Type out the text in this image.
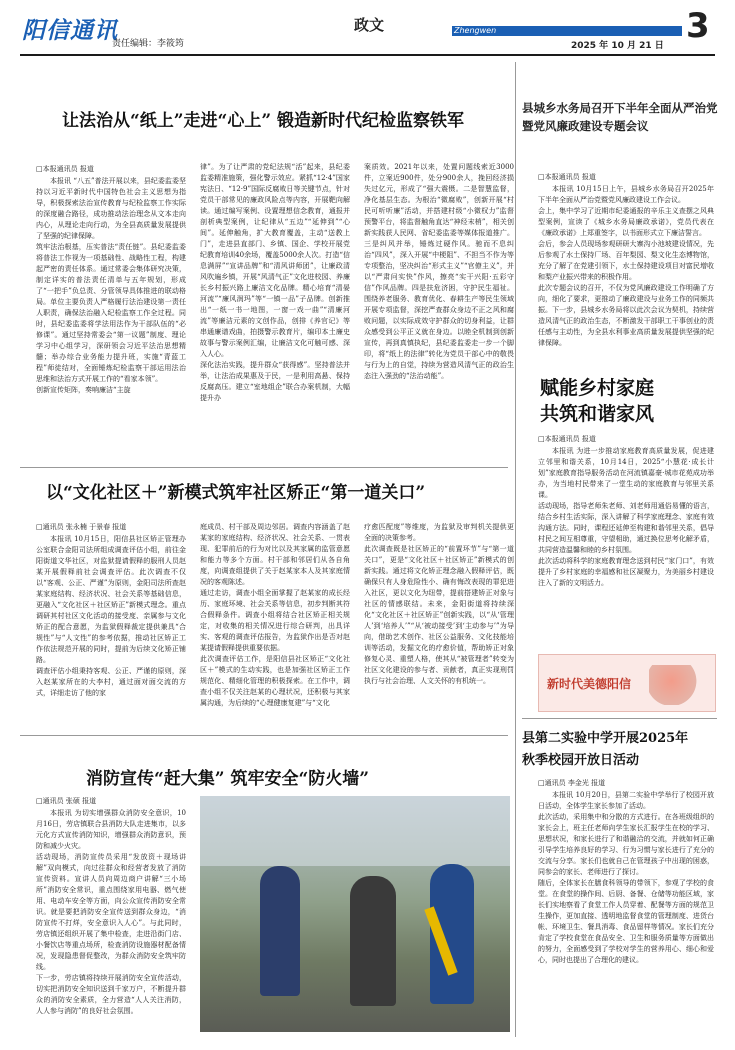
阳信通讯
责任编辑：李筱筠
政文	Zhengwen
2025 年 10 月 21 日 3
让法治从“纸上”走进“心上” 锻造新时代纪检监察铁军

□本报通讯员 报道

本报讯 “八五”普法开展以来，县纪委监委坚持以习近平新时代中国特色社会主义思想为指导，积极探索法治宣传教育与纪检监察工作实际的深度融合路径，成功推动法治理念从文本走向内心，从理论走向行动，为全县高质量发展提供了坚强的纪律保障。
筑牢法治根基，压实普法“责任链”。县纪委监委将普法工作视为一项基础性、战略性工程，构建起严密的责任体系。通过常委会集体研究决策，制定详实的普法责任清单与五年规划，形成了“一把手”负总责、分管领导具体推进的联动格局。单位主要负责人严格履行法治建设第一责任人职责，确保法治融入纪检监察工作全过程。同时，县纪委监委将学法用法作为干部队伍的“必修课”。通过坚持常委会“第一议题”制度、理论学习中心组学习，深研领会习近平法治思想精髓；举办综合业务能力提升班，实施“青蓝工程”师徒结对，全面锤炼纪检监察干部运用法治思维和法治方式开展工作的“看家本领”。
创新宣传矩阵，奏响廉洁“主旋

律”。为了让严肃的党纪法规“活”起来，县纪委监委精准施策，强化警示效应。紧抓“12·4”国家宪法日、“12·9”国际反腐败日等关键节点，针对党员干部常见的廉政风险点等内容，开展靶向解读。通过编写案例、设置理想信念教育，通报并剖析典型案例，让纪律从“五边”“延伸到”“心间”。延伸触角，扩大教育覆盖，主动“送教上门”，走进县直部门、乡镇、国企、学校开展党纪教育培训40余场，覆盖5000余人次。打造“信息满屏”“宣讲品牌”和“清风讲师团”，让廉政清风吹遍乡镇，开展“风清气正”文化进校园、养廉长乡村振兴路上廉洁文化品牌。精心培育“清晏河流”“廉风润玛”等“一镇一品”子品牌。创新推出“一纸一书一地图，一窗一戏一曲”“清廉河流”等廉洁元素的文创作品，创排《养官记》等串通廉谱戏曲，拍摄警示教育片，编印本土廉史故事与警示案例汇编，让廉洁文化可触可感、深入人心。
深化法治实践，提升群众“获得感”。坚持普法并举，让法治成果惠及于民，一是利用高悬、保持反腐高压。建立“室地组企”联合办案机制，大幅提升办

案质效。2021年以来，处置问题线索近3000件，立案近900件，处分900余人，挽回经济损失过亿元，形成了“强大震慑。二是智慧监督，净化基层生态。为根治“微腐败”，创新开展“村民可听听廉”活动，并搭建村级“小微权力”监督预警平台，将监督触角直达“神经末梢”，相关创新实践获人民网、省纪委监委等媒体报道推广。三是纠风并举，锤炼过硬作风。驰而不息纠治“四风”，深入开展“中梗阻”、不担当不作为等专项整治，坚决纠治“形式主义”“官僚主义”，并以“严肃问实快”作风，擦亮“实干兴阳·五彩守信”作风品牌。四是扶危济困，守护民生福祉。围绕养老服务、教育优化、春耕生产等民生领域开展专项监督，深挖严查群众身边不正之风和腐败问题，以实际成效守护群众的切身利益，让群众感受到公平正义就在身边。以睦全机制到创新宣传，再到真慎执纪，县纪委监委走一步一个脚印，将“纸上的法律”转化为党员干部心中的敬畏与行为上的自觉，持续为营造风清气正的政治生态注入强劲的“法治动能”。

以“文化社区＋”新模式筑牢社区矫正“第一道关口”

□通讯员 张永楠 于景春 报道

本报讯 10月15日，阳信县社区矫正管理办公室联合金阳司法所组成调查评估小组，前往金阳街道文华社区，对监狱提请假释的服刑人员赵某开展假释前社会调查评估。此次调查不仅以“客观、公正、严谨”为原则，金阳司法所查赵某家庭结构、经济状况、社会关系等基础信息，更融入“文化社区＋社区矫正”新模式理念。重点调研其村社区文化活动的接受度、亲属参与文化矫正的配合意愿，为监狱假释裁定提供兼具“合规性”与“人文性”的参考依据，推动社区矫正工作依法规范开展的同时，提前为后续文化矫正铺路。
调查评估小组秉持客观、公正、严谨的原则，深入赵某家所在的大李村，通过面对面交流的方式，详细走访了他的家

庭成员、村干部及周边邻居。调查内容涵盖了赵某家的家庭结构、经济状况、社会关系、一贯表现、犯罪前后的行为对比以及其家属的监管意愿和能力等多个方面。村干部和邻居们从各自角度，向调查组提供了关于赵某家本人及其家庭情况的客观陈述。
通过走访，调查小组全面掌握了赵某家的成长经历、家庭环境、社会关系等信息，初步判断其符合假释条件。调查小组将结合社区矫正相关规定，对收集的相关情况进行综合研判，出具详实、客观的调查评估报告，为监狱作出是否对赵某提请假释提供重要依据。
此次调查评估工作，是阳信县社区矫正“文化社区＋”模式的生动实践，也是加强社区矫正工作规范化、精细化管理的积极探索。在工作中，调查小组不仅关注赵某的心理状况，还积极与其家属沟通，为后续的“心理健康复建”与“文化

疗愈匹配度”等维度，为监狱及审判机关提供更全面的决策参考。
此次调查既是社区矫正的“前置环节”与“第一道关口”，更是“文化社区＋社区矫正”新模式的创新实践。通过将文化矫正理念融入假释评估，既确保只有人身危险性小、确有悔改表现的罪犯进入社区，更以文化为纽带，提前搭建矫正对象与社区的情感联结。未来，金阳街道将持续深化“文化社区＋社区矫正”创新实践，以“从‘管理人’到‘培养人’”“从‘被动接受’到‘主动参与’”为导向，借助艺术创作、社区公益服务、文化技能培训等活动，发掘文化的疗愈价值，帮助矫正对象修复心灵、重塑人格，使其从“被管理者”转变为社区文化建设的参与者、贡献者，真正实现刑罚执行与社会治理、人文关怀的有机统一。

消防宣传“赶大集” 筑牢安全“防火墙”

□通讯员 张硕 报道

本报讯 为切实增强群众消防安全意识，10月16日，劳店镇联合县消防大队走进集市，以多元化方式宣传消防知识，增强群众消防意识，预防和减少火灾。
活动现场，消防宣传员采用“发放资＋现场讲解”双向模式，向过往群众和经营者发放了消防宣传资料。宣讲人员向周边商户讲解“三小场所”消防安全常识，重点围绕家用电器、燃气使用、电动车安全等方面，向公众宣传消防安全常识。就是要把消防安全宣传送到群众身边，“消防宣传不打烊，安全意识入人心”。与此同时，劳店镇还组织开展了集中检查，走进沿街门店、小餐饮店等重点场所，检查消防设施器材配备情况，发现隐患督促整改，为群众消防安全筑牢防线。
下一步，劳店镇将持续开展消防安全宣传活动，切实把消防安全知识送到千家万户，不断提升群众的消防安全素质，全力营造“人人关注消防，人人参与消防”的良好社会氛围。

县城乡水务局召开下半年全面从严治党
暨党风廉政建设专题会议

□本报通讯员 报道

本报讯 10月15日上午，县城乡水务局召开2025年下半年全面从严治党暨党风廉政建设工作会议。
会上，集中学习了近期市纪委通报的辛乐主义查摆之风典型案例，宣读了《城乡水务局廉政承诺》，党员代表在《廉政承诺》上郑重签字，以书面形式立下廉洁誓言。
会后，参会人员现场参观研研大寨沟小池坡建设情况，先后参观了水土保持厂场、百年梨园、梨文化生态博物馆，充分了解了在党建引领下，水土保持建设项目对富民增收和梨产业振兴带来的积极作用。
此次专题会议的召开，不仅为党风廉政建设工作明确了方向，细化了要求，更推动了廉政建设与业务工作的同频共振。下一步，县城乡水务局将以此次会议为契机，持续营造风清气正的政治生态，不断激发干部职工干事创业的责任感与主动性，为全县水利事业高质量发展提供坚强的纪律保障。

赋能乡村家庭
共筑和谐家风

□本报通讯员 报道

本报讯 为进一步推动家庭教育高质量发展，促进建立邻里和谐关系，10月14日，2025“小慧花·成长计划”家庭教育指导服务活动在河流镇嘉豪·城市花苑成功举办，为当地村民带来了一堂生动的家庭教育与邻里关系课。
活动现场，指导老师朱老师、刘老师用通俗易懂的语言，结合乡村生活实际，深入讲解了科学家庭理念、家庭有效沟通方法。同时，课程还延伸至构建和谐邻里关系，倡导村民之间互相尊重，守望相助，通过换位思考化解矛盾，共同营造温馨和睦的乡村氛围。
此次活动将科学的家庭教育理念送到村民“家门口”，有效提升了乡村家庭的幸福感和社区凝聚力，为美丽乡村建设注入了新的文明活力。

新时代美德阳信
县第二实验中学开展2025年
秋季校园开放日活动

□通讯员 李金光 报道

本报讯 10月20日，县第二实验中学举行了校园开放日活动，全体学生家长参加了活动。
此次活动，采用集中和分散的方式进行。在各班级组织的家长会上，班主任老师向学生家长汇报学生在校的学习、思想状况，和家长进行了和谐融洽的交流，并就如何正确引导学生培养良好的学习、行为习惯与家长进行了充分的交流与分享。家长们也就自己在管理孩子中出现的困惑，同参会的家长、老师进行了探讨。
随后，全体家长在膳食科领导的带领下，参观了学校的食堂。在食堂的操作间、后厨、备餐、仓储等功能区域，家长们实地察看了食堂工作人员穿着、配餐等方面的规范卫生操作，更加直接、透明地监督食堂的管理制度、进货台帐、环境卫生、餐具消毒、食品留样等情况。家长们充分肯定了学校食堂在食品安全、卫生和服务质量等方面做出的努力，全面感受到了学校对学生的营养用心、细心和爱心，同时也提出了合理化的建议。
